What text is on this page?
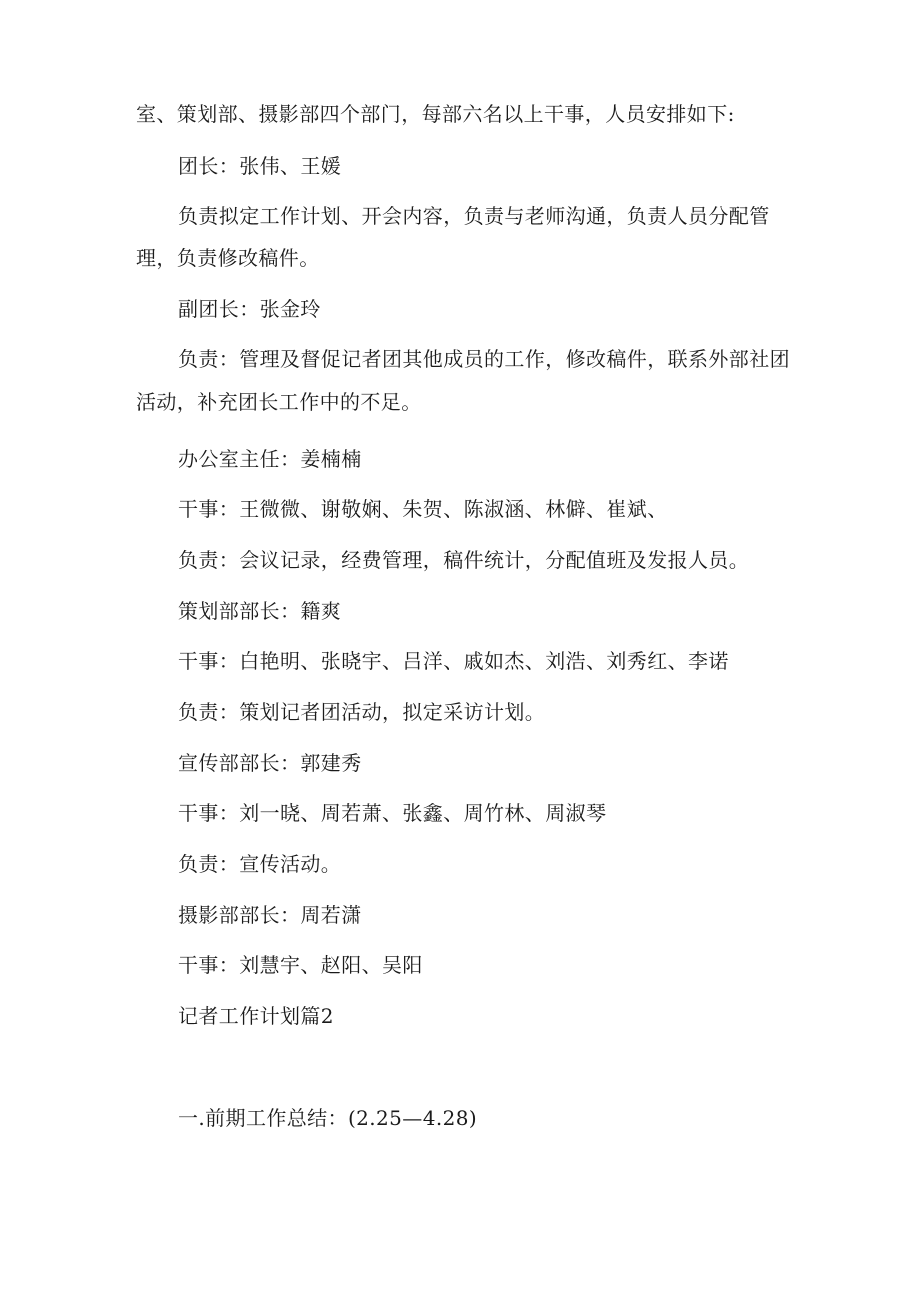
室、策划部、摄影部四个部门，每部六名以上干事，人员安排如下:
团长：张伟、王媛
负责拟定工作计划、开会内容，负责与老师沟通，负责人员分配管
理，负责修改稿件。
副团长：张金玲
负责：管理及督促记者团其他成员的工作，修改稿件，联系外部社团
活动，补充团长工作中的不足。
办公室主任：姜楠楠
干事：王微微、谢敬娴、朱贺、陈淑涵、林僻、崔斌、
负责：会议记录，经费管理，稿件统计，分配值班及发报人员。
策划部部长：籍爽
干事：白艳明、张晓宇、吕洋、戚如杰、刘浩、刘秀红、李诺
负责：策划记者团活动，拟定采访计划。
宣传部部长：郭建秀
干事：刘一晓、周若萧、张鑫、周竹林、周淑琴
负责：宣传活动。
摄影部部长：周若潇
干事：刘慧宇、赵阳、吴阳
记者工作计划篇2
一.前期工作总结：(2.25—4.28)
